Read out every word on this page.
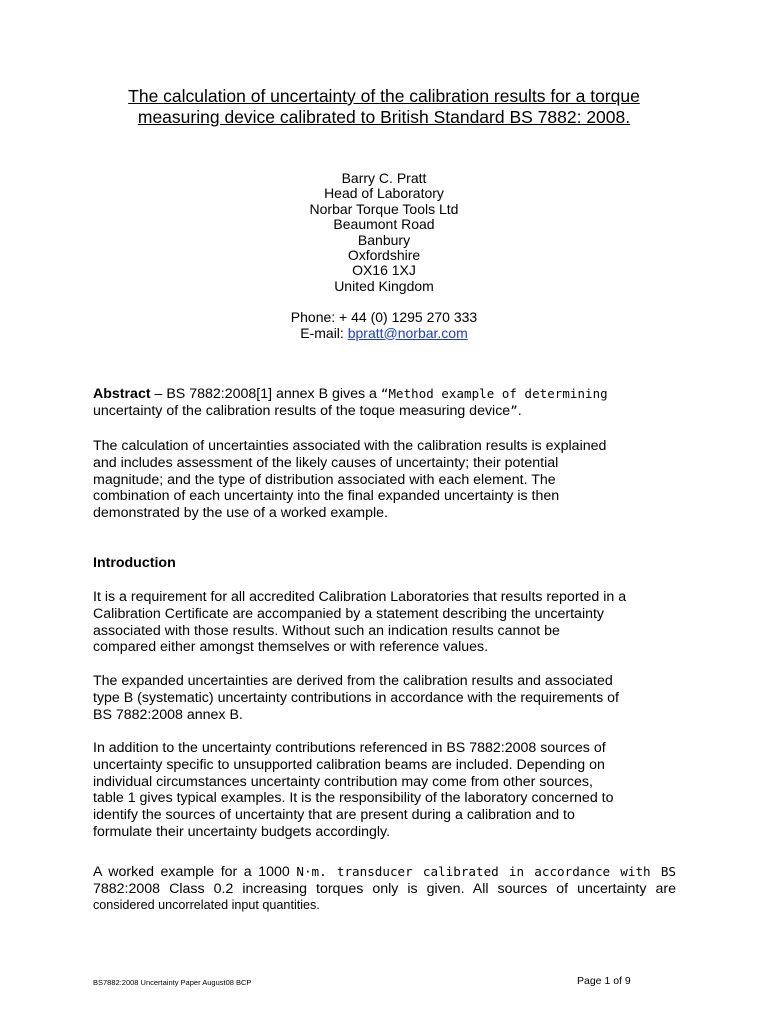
The calculation of uncertainty of the calibration results for a torque
measuring device calibrated to British Standard BS 7882: 2008.
Barry C. Pratt
Head of Laboratory
Norbar Torque Tools Ltd
Beaumont Road
Banbury
Oxfordshire
OX16 1XJ
United Kingdom
Phone: + 44 (0) 1295 270 333
E-mail: bpratt@norbar.com
Abstract – BS 7882:2008[1] annex B gives a “Method example of determining
uncertainty of the calibration results of the toque measuring device”.
The calculation of uncertainties associated with the calibration results is explained
and includes assessment of the likely causes of uncertainty; their potential
magnitude; and the type of distribution associated with each element. The
combination of each uncertainty into the final expanded uncertainty is then
demonstrated by the use of a worked example.
Introduction
It is a requirement for all accredited Calibration Laboratories that results reported in a
Calibration Certificate are accompanied by a statement describing the uncertainty
associated with those results. Without such an indication results cannot be
compared either amongst themselves or with reference values.
The expanded uncertainties are derived from the calibration results and associated
type B (systematic) uncertainty contributions in accordance with the requirements of
BS 7882:2008 annex B.
In addition to the uncertainty contributions referenced in BS 7882:2008 sources of
uncertainty specific to unsupported calibration beams are included. Depending on
individual circumstances uncertainty contribution may come from other sources,
table 1 gives typical examples. It is the responsibility of the laboratory concerned to
identify the sources of uncertainty that are present during a calibration and to
formulate their uncertainty budgets accordingly.
A worked example for a 1000 N·m. transducer calibrated in accordance with BS
7882:2008 Class 0.2 increasing torques only is given. All sources of uncertainty are
considered uncorrelated input quantities.
BS7882:2008 Uncertainty Paper August08 BCP	Page 1 of 9
